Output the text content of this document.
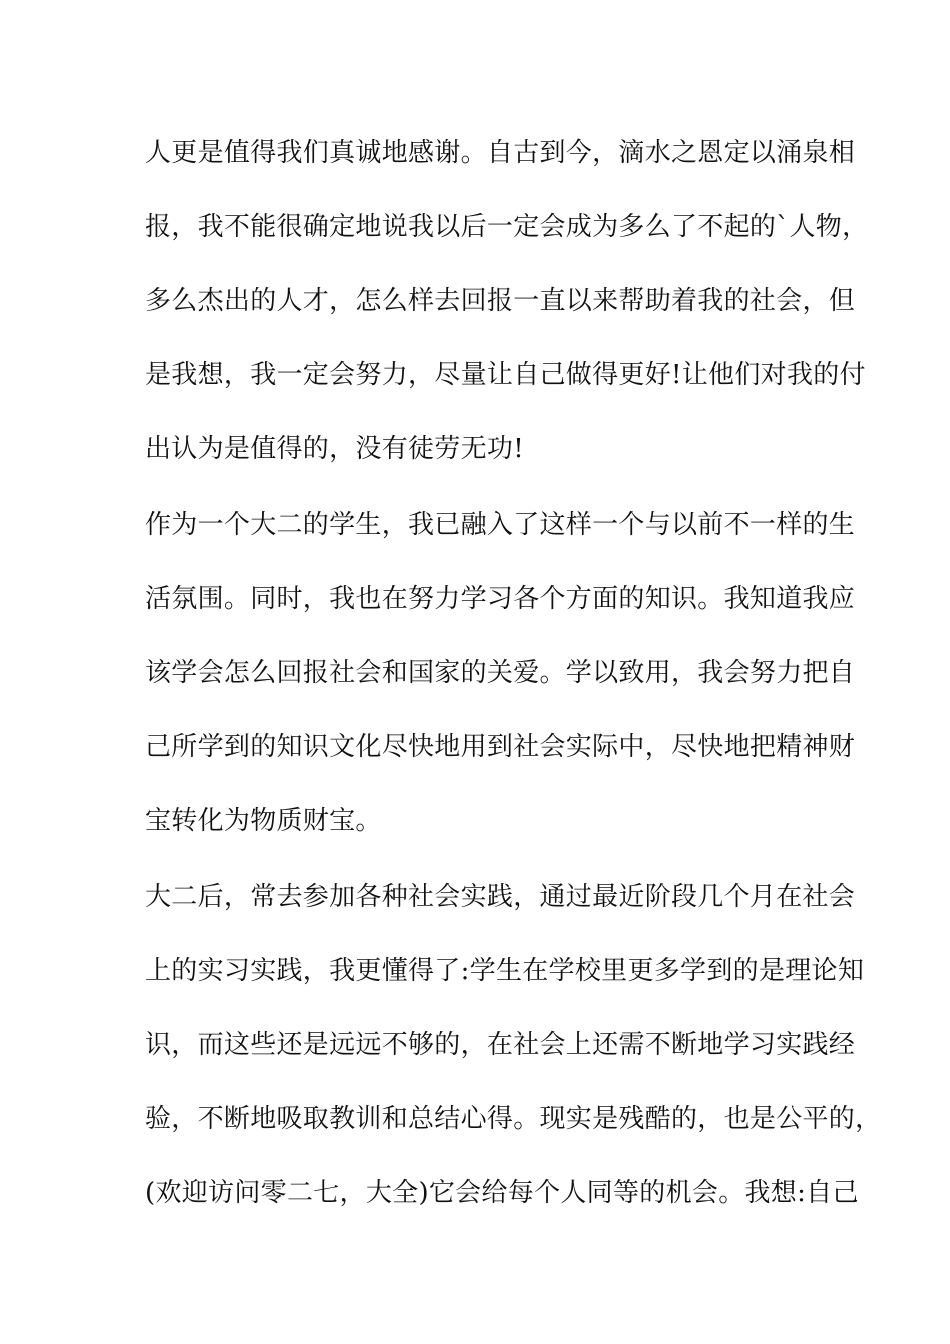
人更是值得我们真诚地感谢。自古到今，滴水之恩定以涌泉相
报，我不能很确定地说我以后一定会成为多么了不起的`人物，
多么杰出的人才，怎么样去回报一直以来帮助着我的社会，但
是我想，我一定会努力，尽量让自己做得更好!让他们对我的付
出认为是值得的，没有徒劳无功!
作为一个大二的学生，我已融入了这样一个与以前不一样的生
活氛围。同时，我也在努力学习各个方面的知识。我知道我应
该学会怎么回报社会和国家的关爱。学以致用，我会努力把自
己所学到的知识文化尽快地用到社会实际中，尽快地把精神财
宝转化为物质财宝。
大二后，常去参加各种社会实践，通过最近阶段几个月在社会
上的实习实践，我更懂得了:学生在学校里更多学到的是理论知
识，而这些还是远远不够的，在社会上还需不断地学习实践经
验，不断地吸取教训和总结心得。现实是残酷的，也是公平的，
(欢迎访问零二七，大全)它会给每个人同等的机会。我想:自己
